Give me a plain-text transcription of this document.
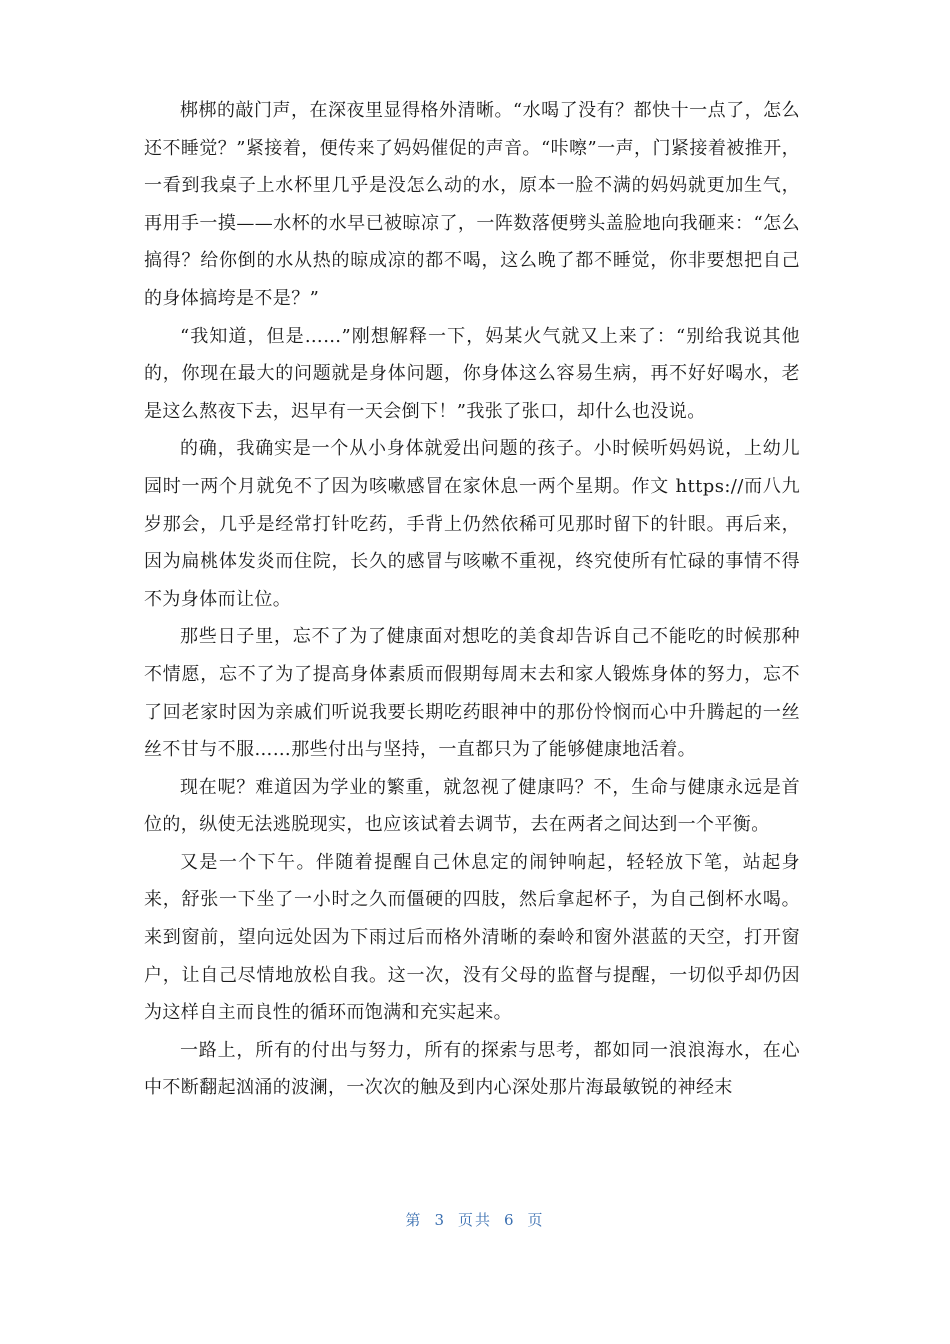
梆梆的敲门声，在深夜里显得格外清晰。“水喝了没有？都快十一点了，怎么还不睡觉？”紧接着，便传来了妈妈催促的声音。“咔嚓”一声，门紧接着被推开，一看到我桌子上水杯里几乎是没怎么动的水，原本一脸不满的妈妈就更加生气，再用手一摸——水杯的水早已被晾凉了，一阵数落便劈头盖脸地向我砸来：“怎么搞得？给你倒的水从热的晾成凉的都不喝，这么晚了都不睡觉，你非要想把自己的身体搞垮是不是？”

“我知道，但是……”刚想解释一下，妈某火气就又上来了：“别给我说其他的，你现在最大的问题就是身体问题，你身体这么容易生病，再不好好喝水，老是这么熬夜下去，迟早有一天会倒下！”我张了张口，却什么也没说。

的确，我确实是一个从小身体就爱出问题的孩子。小时候听妈妈说，上幼儿园时一两个月就免不了因为咳嗽感冒在家休息一两个星期。作文 https://而八九岁那会，几乎是经常打针吃药，手背上仍然依稀可见那时留下的针眼。再后来，因为扁桃体发炎而住院，长久的感冒与咳嗽不重视，终究使所有忙碌的事情不得不为身体而让位。

那些日子里，忘不了为了健康面对想吃的美食却告诉自己不能吃的时候那种不情愿，忘不了为了提高身体素质而假期每周末去和家人锻炼身体的努力，忘不了回老家时因为亲戚们听说我要长期吃药眼神中的那份怜悯而心中升腾起的一丝丝不甘与不服……那些付出与坚持，一直都只为了能够健康地活着。

现在呢？难道因为学业的繁重，就忽视了健康吗？不，生命与健康永远是首位的，纵使无法逃脱现实，也应该试着去调节，去在两者之间达到一个平衡。

又是一个下午。伴随着提醒自己休息定的闹钟响起，轻轻放下笔，站起身来，舒张一下坐了一小时之久而僵硬的四肢，然后拿起杯子，为自己倒杯水喝。来到窗前，望向远处因为下雨过后而格外清晰的秦岭和窗外湛蓝的天空，打开窗户，让自己尽情地放松自我。这一次，没有父母的监督与提醒，一切似乎却仍因为这样自主而良性的循环而饱满和充实起来。

一路上，所有的付出与努力，所有的探索与思考，都如同一浪浪海水，在心中不断翻起汹涌的波澜，一次次的触及到内心深处那片海最敏锐的神经末

第 3 页共 6 页
